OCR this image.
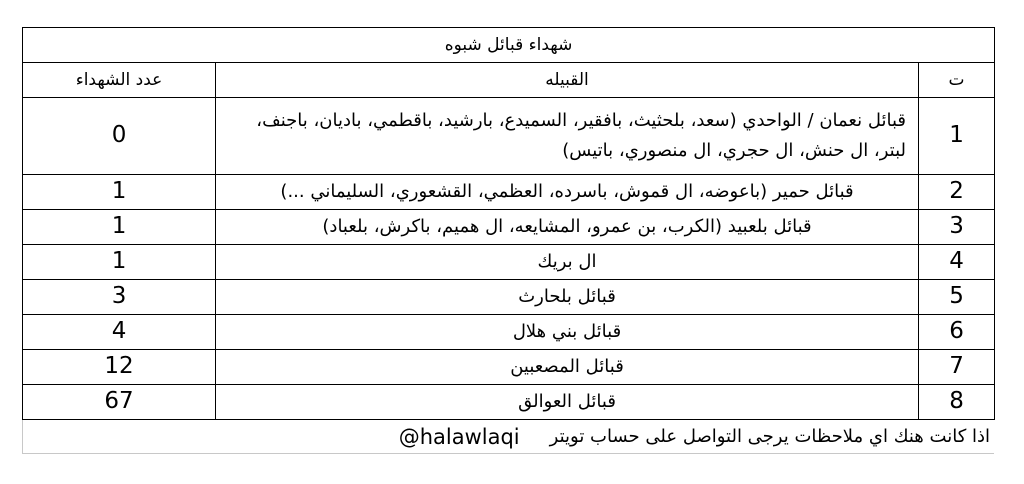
شهداء قبائل شبوه		
ت	القبيله	عدد الشهداء
1	قبائل نعمان / الواحدي (سعد، بلحثيث، بافقير، السميدع، بارشيد، باقطمي، باديان، باجنف، لبتر، ال حنش، ال حجري، ال منصوري، باتيس)	0
2	قبائل حمير (باعوضه، ال قموش، باسرده، العظمي، القشعوري، السليماني ...)	1
3	قبائل بلعبيد (الكرب، بن عمرو، المشايعه، ال هميم، باكرش، بلعباد)	1
4	ال بريك	1
5	قبائل بلحارث	3
6	قبائل بني هلال	4
7	قبائل المصعبين	12
8	قبائل العوالق	67
اذا كانت هنك اي ملاحظات يرجى التواصل على حساب تويتر
@halawlaqi
